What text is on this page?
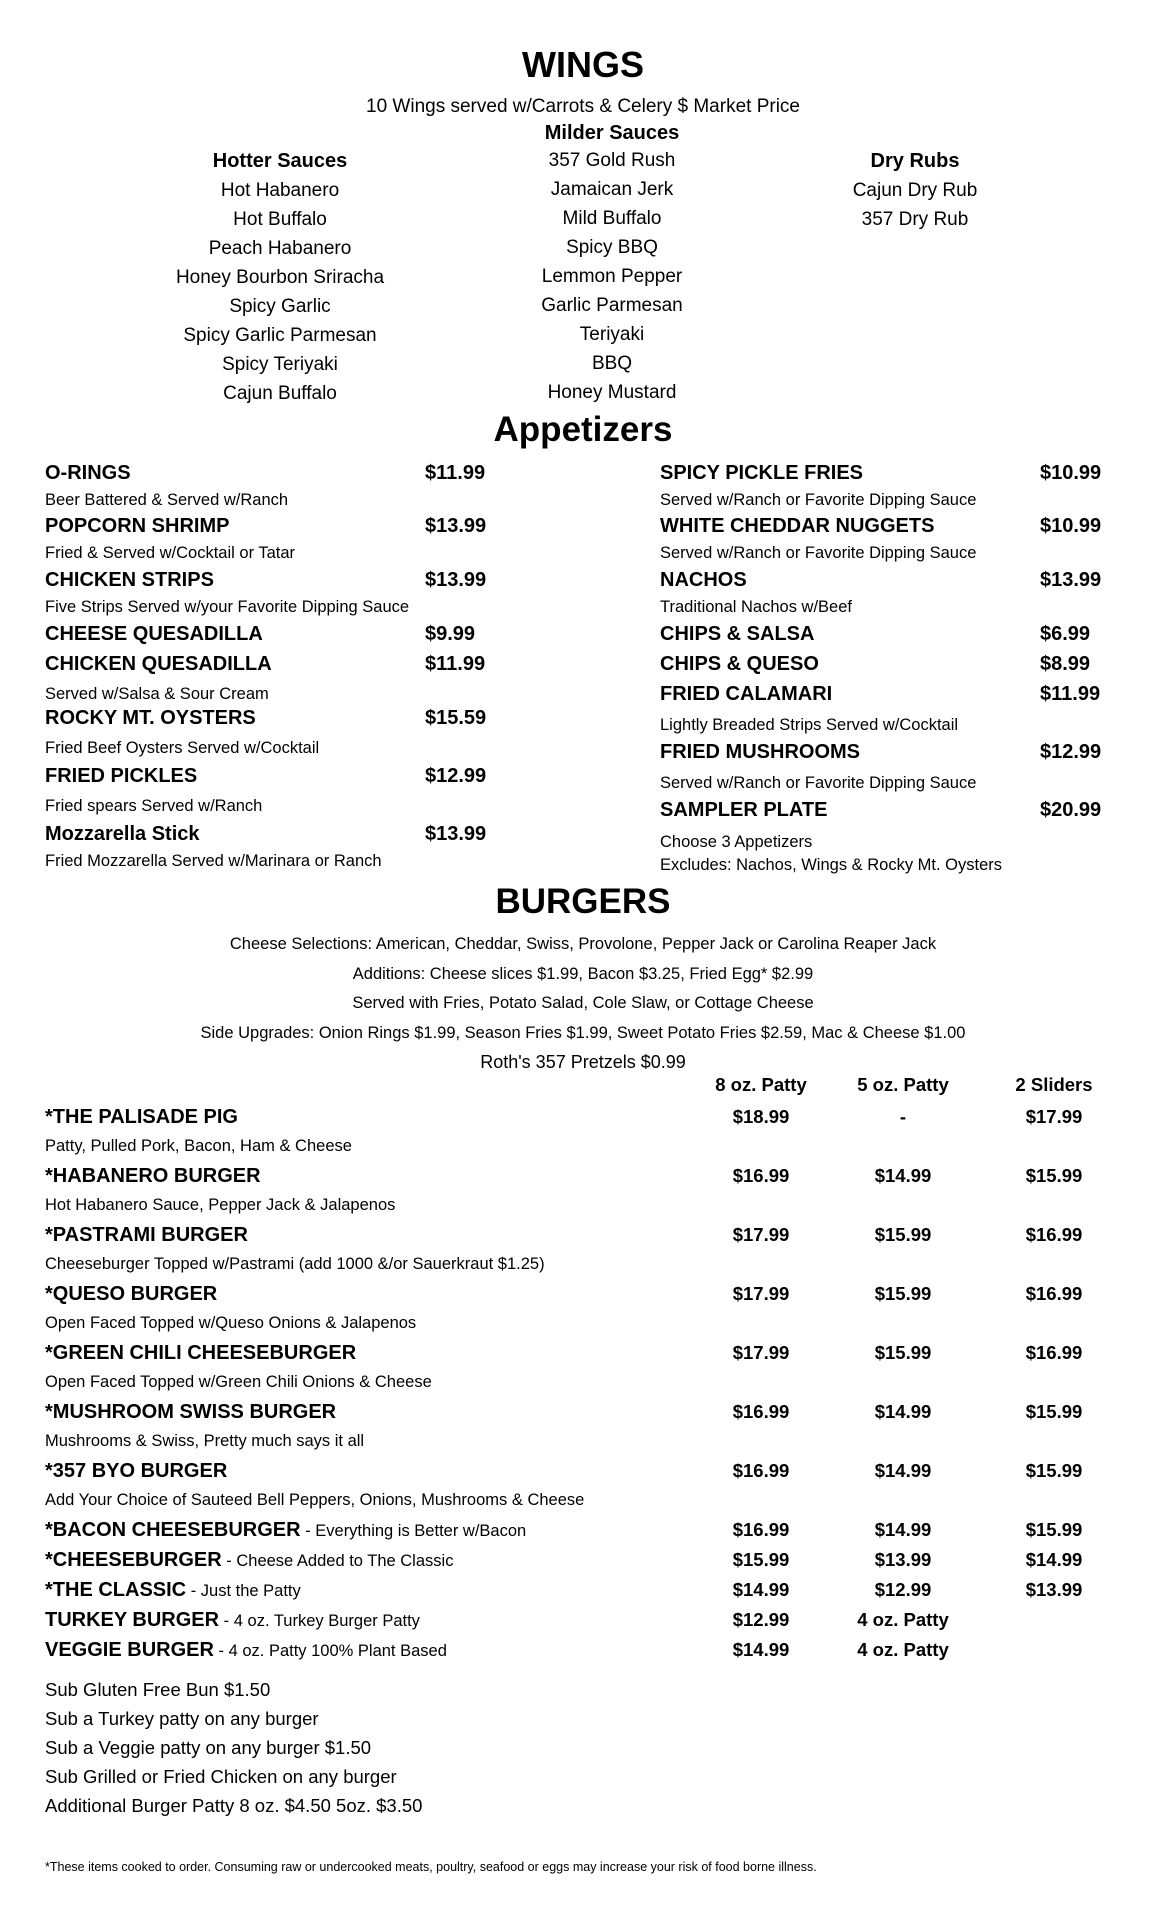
WINGS
10 Wings served w/Carrots & Celery $ Market Price
Milder Sauces
357 Gold Rush
Jamaican Jerk
Mild Buffalo
Spicy BBQ
Lemmon Pepper
Garlic Parmesan
Teriyaki
BBQ
Honey Mustard
Hotter Sauces
Hot Habanero
Hot Buffalo
Peach Habanero
Honey Bourbon Sriracha
Spicy Garlic
Spicy Garlic Parmesan
Spicy Teriyaki
Cajun Buffalo
Dry Rubs
Cajun Dry Rub
357 Dry Rub
Appetizers
O-RINGS	$11.99
Beer Battered & Served w/Ranch
POPCORN SHRIMP	$13.99
Fried & Served w/Cocktail or Tatar
CHICKEN STRIPS	$13.99
Five Strips Served w/your Favorite Dipping Sauce
CHEESE QUESADILLA	$9.99
CHICKEN QUESADILLA	$11.99
Served w/Salsa & Sour Cream
ROCKY MT. OYSTERS	$15.59
Fried Beef Oysters Served w/Cocktail
FRIED PICKLES	$12.99
Fried spears Served w/Ranch
Mozzarella Stick	$13.99
Fried Mozzarella Served w/Marinara or Ranch
SPICY PICKLE FRIES	$10.99
Served w/Ranch or Favorite Dipping Sauce
WHITE CHEDDAR NUGGETS	$10.99
Served w/Ranch or Favorite Dipping Sauce
NACHOS	$13.99
Traditional Nachos w/Beef
CHIPS & SALSA	$6.99
CHIPS & QUESO	$8.99
FRIED CALAMARI	$11.99
Lightly Breaded Strips Served w/Cocktail
FRIED MUSHROOMS	$12.99
Served w/Ranch or Favorite Dipping Sauce
SAMPLER PLATE	$20.99
Choose 3 Appetizers
Excludes: Nachos, Wings & Rocky Mt. Oysters
BURGERS
Cheese Selections: American, Cheddar, Swiss, Provolone, Pepper Jack or Carolina Reaper Jack
Additions: Cheese slices $1.99, Bacon $3.25, Fried Egg* $2.99
Served with Fries, Potato Salad, Cole Slaw, or Cottage Cheese
Side Upgrades: Onion Rings $1.99, Season Fries $1.99, Sweet Potato Fries $2.59, Mac & Cheese $1.00
Roth's 357 Pretzels $0.99
8 oz. Patty	5 oz. Patty	2 Sliders
*THE PALISADE PIG	$18.99	-	$17.99
Patty, Pulled Pork, Bacon, Ham & Cheese
*HABANERO BURGER	$16.99	$14.99	$15.99
Hot Habanero Sauce, Pepper Jack & Jalapenos
*PASTRAMI BURGER	$17.99	$15.99	$16.99
Cheeseburger Topped w/Pastrami (add 1000 &/or Sauerkraut $1.25)
*QUESO BURGER	$17.99	$15.99	$16.99
Open Faced Topped w/Queso Onions & Jalapenos
*GREEN CHILI CHEESEBURGER	$17.99	$15.99	$16.99
Open Faced Topped w/Green Chili Onions & Cheese
*MUSHROOM SWISS BURGER	$16.99	$14.99	$15.99
Mushrooms & Swiss, Pretty much says it all
*357 BYO BURGER	$16.99	$14.99	$15.99
Add Your Choice of Sauteed Bell Peppers, Onions, Mushrooms & Cheese
*BACON CHEESEBURGER - Everything is Better w/Bacon	$16.99	$14.99	$15.99
*CHEESEBURGER - Cheese Added to The Classic	$15.99	$13.99	$14.99
*THE CLASSIC - Just the Patty	$14.99	$12.99	$13.99
TURKEY BURGER - 4 oz. Turkey Burger Patty	$12.99	4 oz. Patty
VEGGIE BURGER - 4 oz. Patty 100% Plant Based	$14.99	4 oz. Patty
Sub Gluten Free Bun $1.50
Sub a Turkey patty on any burger
Sub a Veggie patty on any burger $1.50
Sub Grilled or Fried Chicken on any burger
Additional Burger Patty 8 oz. $4.50 5oz. $3.50
*These items cooked to order. Consuming raw or undercooked meats, poultry, seafood or eggs may increase your risk of food borne illness.
